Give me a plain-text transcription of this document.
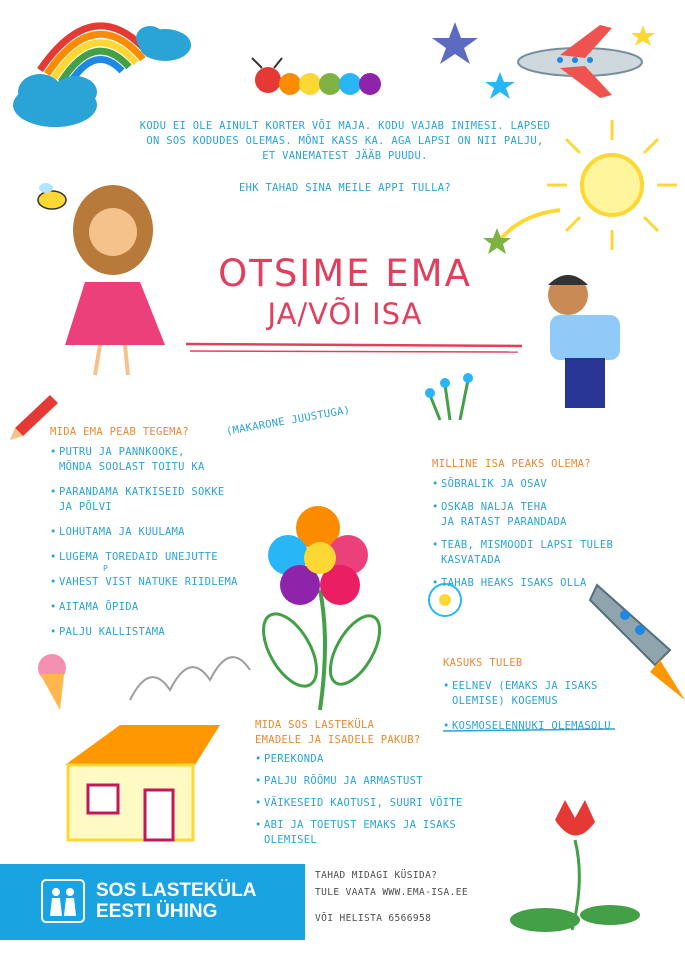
KODU EI OLE AINULT KORTER VÕI MAJA. KODU VAJAB INIMESI. LAPSED
ON SOS KODUDES OLEMAS. MÕNI KASS KA. AGA LAPSI ON NII PALJU,
ET VANEMATEST JÄÄB PUUDU.
EHK TAHAD SINA MEILE APPI TULLA?
OTSIME EMA
JA/VÕI ISA
MIDA EMA PEAB TEGEMA?	(MAKARONE JUUSTUGA)
• PUTRU JA PANNKOOKE,
MÕNDA SOOLAST TOITU KA
• PARANDAMA KATKISEID SOKKE
JA PÕLVI
• LOHUTAMA JA KUULAMA
• LUGEMA TOREDAID UNEJUTTE
• VAHEST VIST NATUKE RIIDLEMA
• AITAMA ÕPIDA
• PALJU KALLISTAMA
P
MILLINE ISA PEAKS OLEMA?
• SÕBRALIK JA OSAV
• OSKAB NALJA TEHA
JA RATAST PARANDADA
• TEAB, MISMOODI LAPSI TULEB
KASVATADA
• TAHAB HEAKS ISAKS OLLA
KASUKS TULEB
• EELNEV (EMAKS JA ISAKS
OLEMISE) KOGEMUS
• KOSMOSELENNUKI OLEMASOLU
MIDA SOS LASTEKÜLA
EMADELE JA ISADELE PAKUB?
• PEREKONDA
• PALJU RÕÕMU JA ARMASTUST
• VÄIKESEID KAOTUSI, SUURI VÕITE
• ABI JA TOETUST EMAKS JA ISAKS
OLEMISEL
SOS LASTEKÜLA
EESTI ÜHING
TAHAD MIDAGI KÜSIDA?
TULE VAATA WWW.EMA-ISA.EE
VÕI HELISTA 6566958
